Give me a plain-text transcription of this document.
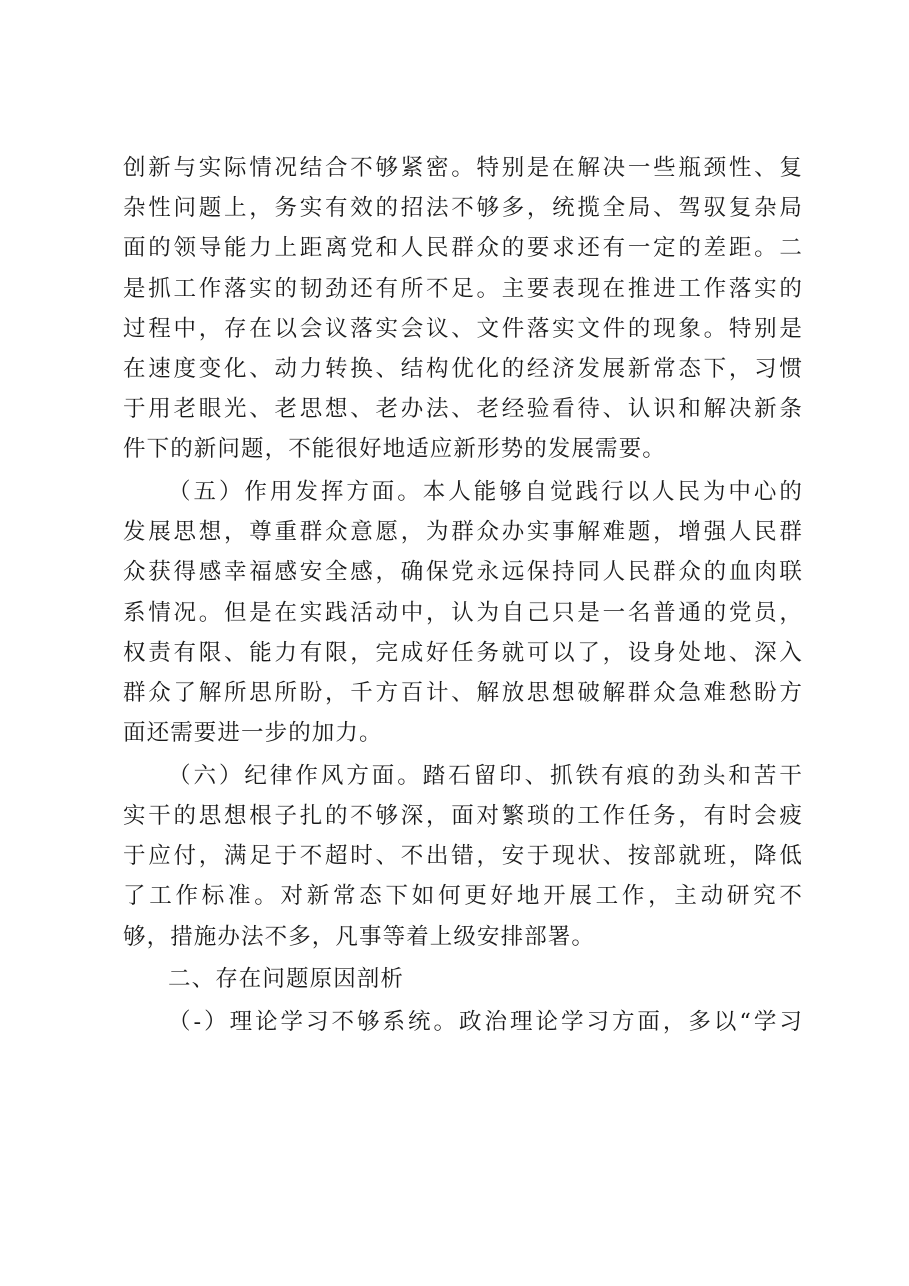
创新与实际情况结合不够紧密。特别是在解决一些瓶颈性、复
杂性问题上，务实有效的招法不够多，统揽全局、驾驭复杂局
面的领导能力上距离党和人民群众的要求还有一定的差距。二
是抓工作落实的韧劲还有所不足。主要表现在推进工作落实的
过程中，存在以会议落实会议、文件落实文件的现象。特别是
在速度变化、动力转换、结构优化的经济发展新常态下，习惯
于用老眼光、老思想、老办法、老经验看待、认识和解决新条
件下的新问题，不能很好地适应新形势的发展需要。
（五）作用发挥方面。本人能够自觉践行以人民为中心的
发展思想，尊重群众意愿，为群众办实事解难题，增强人民群
众获得感幸福感安全感，确保党永远保持同人民群众的血肉联
系情况。但是在实践活动中，认为自己只是一名普通的党员，
权责有限、能力有限，完成好任务就可以了，设身处地、深入
群众了解所思所盼，千方百计、解放思想破解群众急难愁盼方
面还需要进一步的加力。
（六）纪律作风方面。踏石留印、抓铁有痕的劲头和苦干
实干的思想根子扎的不够深，面对繁琐的工作任务，有时会疲
于应付，满足于不超时、不出错，安于现状、按部就班，降低
了工作标准。对新常态下如何更好地开展工作，主动研究不
够，措施办法不多，凡事等着上级安排部署。
二、存在问题原因剖析
（-）理论学习不够系统。政治理论学习方面，多以“学习
